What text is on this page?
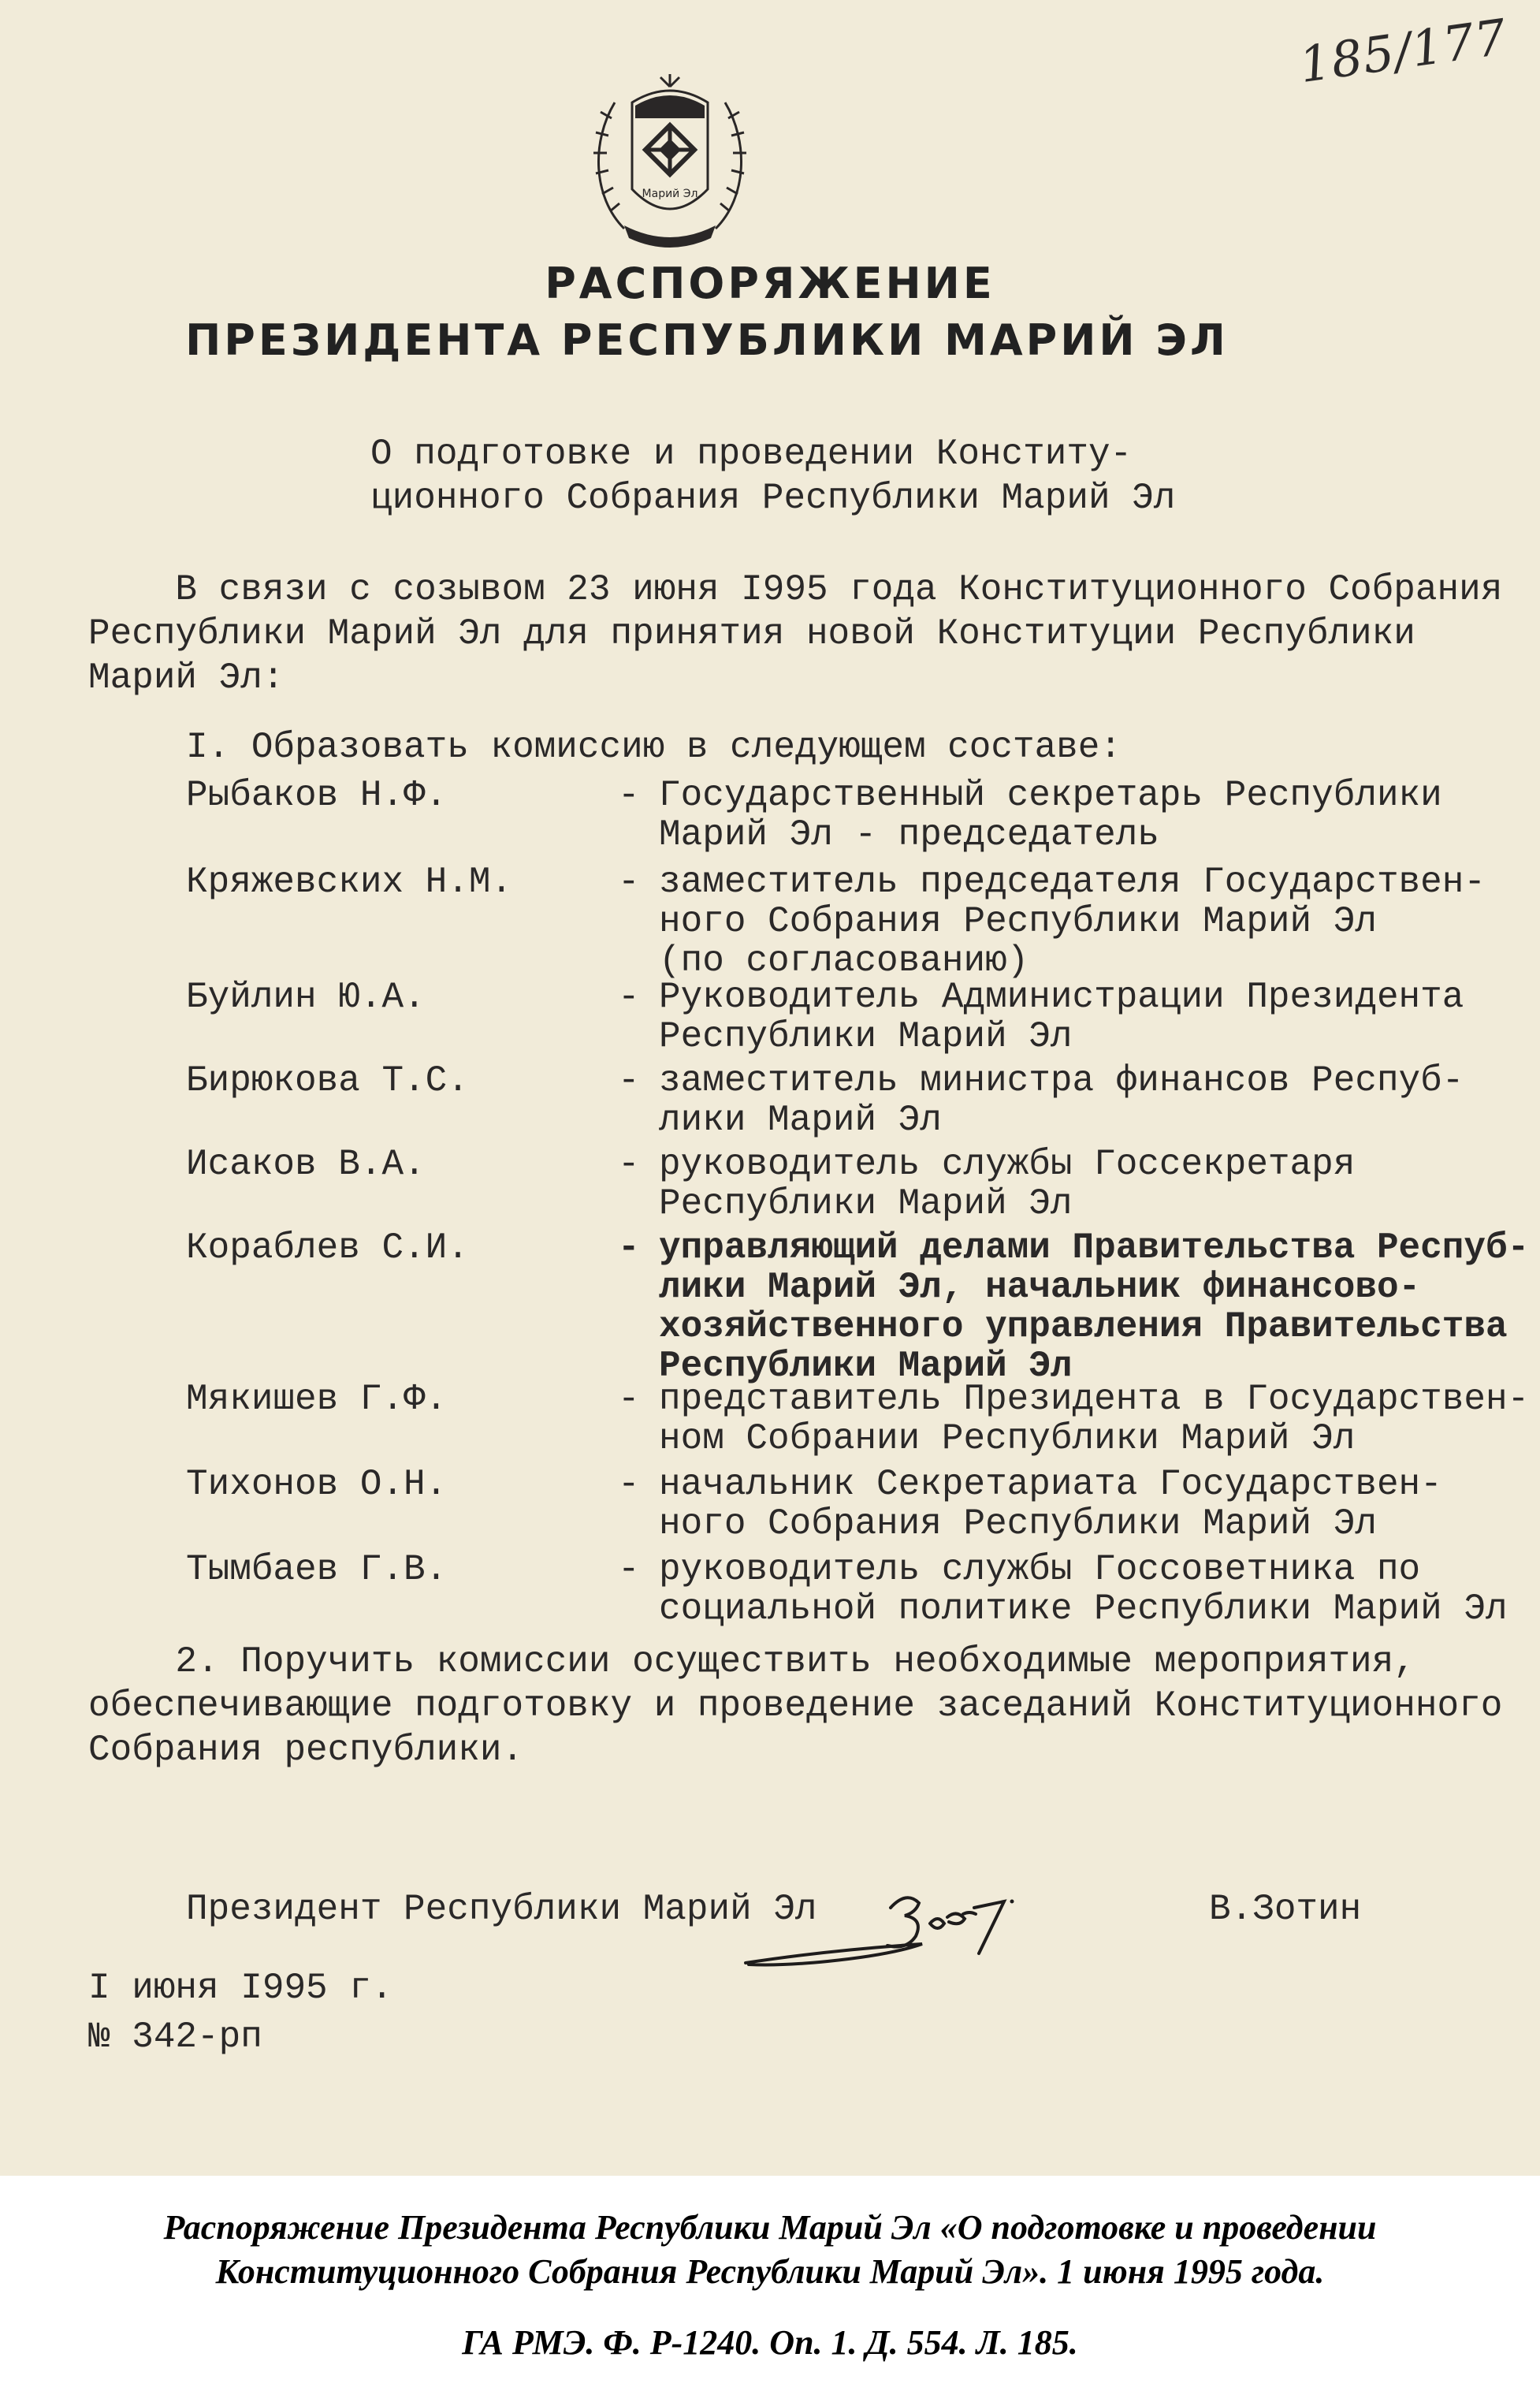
185/177
Марий Эл
РАСПОРЯЖЕНИЕ
ПРЕЗИДЕНТА РЕСПУБЛИКИ МАРИЙ ЭЛ
О подготовке и проведении Конститу-
ционного Собрания Республики Марий Эл
В связи с созывом 23 июня I995 года Конституционного Собрания
Республики Марий Эл для принятия новой Конституции Республики
Марий Эл:
I. Образовать комиссию в следующем составе:
Рыбаков Н.Ф.	- Государственный секретарь Республики
Марий Эл - председатель
Кряжевских Н.М.	- заместитель председателя Государствен-
ного Собрания Республики Марий Эл
(по согласованию)
Буйлин Ю.А.	- Руководитель Администрации Президента
Республики Марий Эл
Бирюкова Т.С.	- заместитель министра финансов Респуб-
лики Марий Эл
Исаков В.А.	- руководитель службы Госсекретаря
Республики Марий Эл
Кораблев С.И.	- управляющий делами Правительства Респуб-
лики Марий Эл, начальник финансово-
хозяйственного управления Правительства
Республики Марий Эл
Мякишев Г.Ф.	- представитель Президента в Государствен-
ном Собрании Республики Марий Эл
Тихонов О.Н.	- начальник Секретариата Государствен-
ного Собрания Республики Марий Эл
Тымбаев Г.В.	- руководитель службы Госсоветника по
социальной политике Республики Марий Эл
2. Поручить комиссии осуществить необходимые мероприятия,
обеспечивающие подготовку и проведение заседаний Конституционного
Собрания республики.
Президент Республики Марий Эл	В.Зотин
I июня I995 г.
№ 342-рп
Распоряжение Президента Республики Марий Эл «О подготовке и проведении
Конституционного Собрания Республики Марий Эл». 1 июня 1995 года.
ГА РМЭ. Ф. Р-1240. Оп. 1. Д. 554. Л. 185.
